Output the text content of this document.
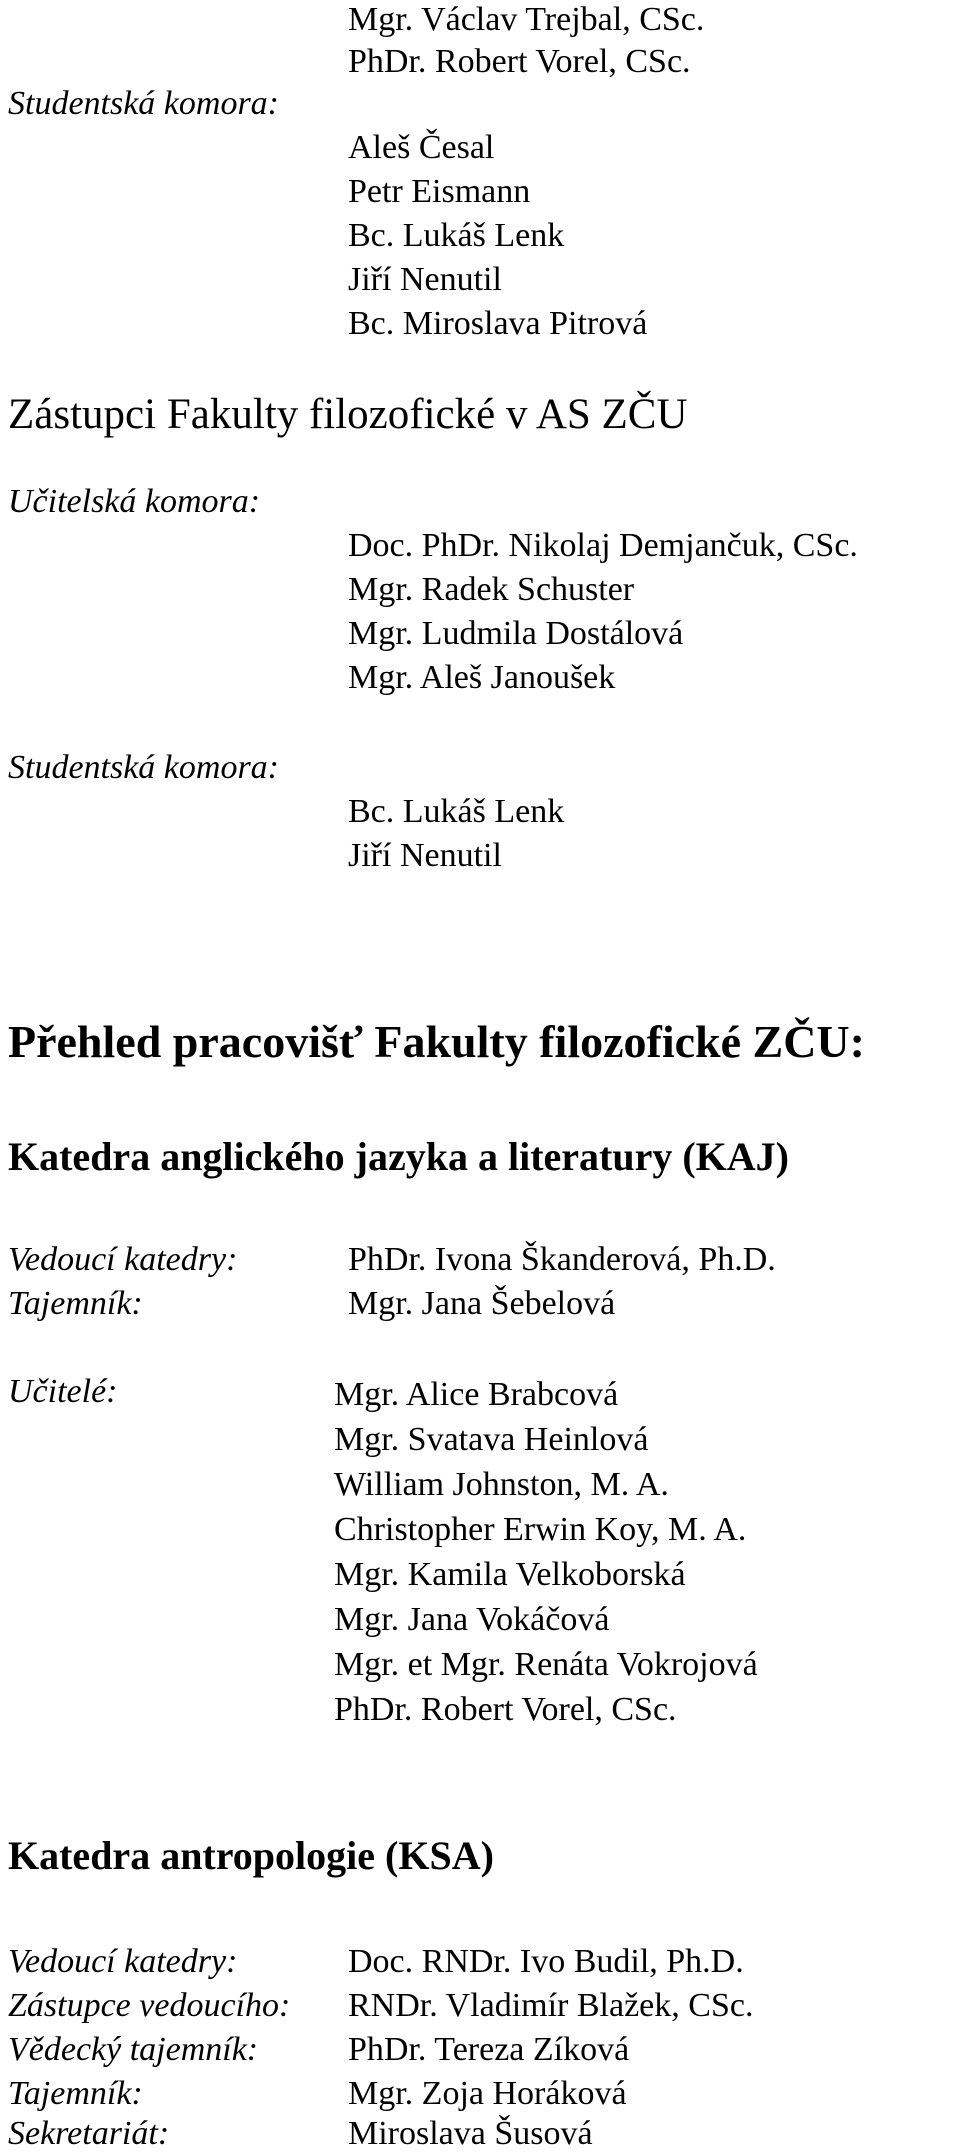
Mgr. Václav Trejbal, CSc.
PhDr. Robert Vorel, CSc.
Studentská komora:
Aleš Česal
Petr Eismann
Bc. Lukáš Lenk
Jiří Nenutil
Bc. Miroslava Pitrová
Zástupci Fakulty filozofické v AS ZČU
Učitelská komora:
Doc. PhDr. Nikolaj Demjančuk, CSc.
Mgr. Radek Schuster
Mgr. Ludmila Dostálová
Mgr. Aleš Janoušek
Studentská komora:
Bc. Lukáš Lenk
Jiří Nenutil
Přehled pracovišť Fakulty filozofické ZČU:
Katedra anglického jazyka a literatury (KAJ)
Vedoucí katedry:	PhDr. Ivona Škanderová, Ph.D.
Tajemník:	Mgr. Jana Šebelová
Učitelé:	Mgr. Alice Brabcová
Mgr. Svatava Heinlová
William Johnston, M. A.
Christopher Erwin Koy, M. A.
Mgr. Kamila Velkoborská
Mgr. Jana Vokáčová
Mgr. et Mgr. Renáta Vokrojová
PhDr. Robert Vorel, CSc.
Katedra antropologie (KSA)
Vedoucí katedry:	Doc. RNDr. Ivo Budil, Ph.D.
Zástupce vedoucího: RNDr. Vladimír Blažek, CSc.
Vědecký tajemník:	PhDr. Tereza Zíková
Tajemník:	Mgr. Zoja Horáková
Sekretariát:	Miroslava Šusová
